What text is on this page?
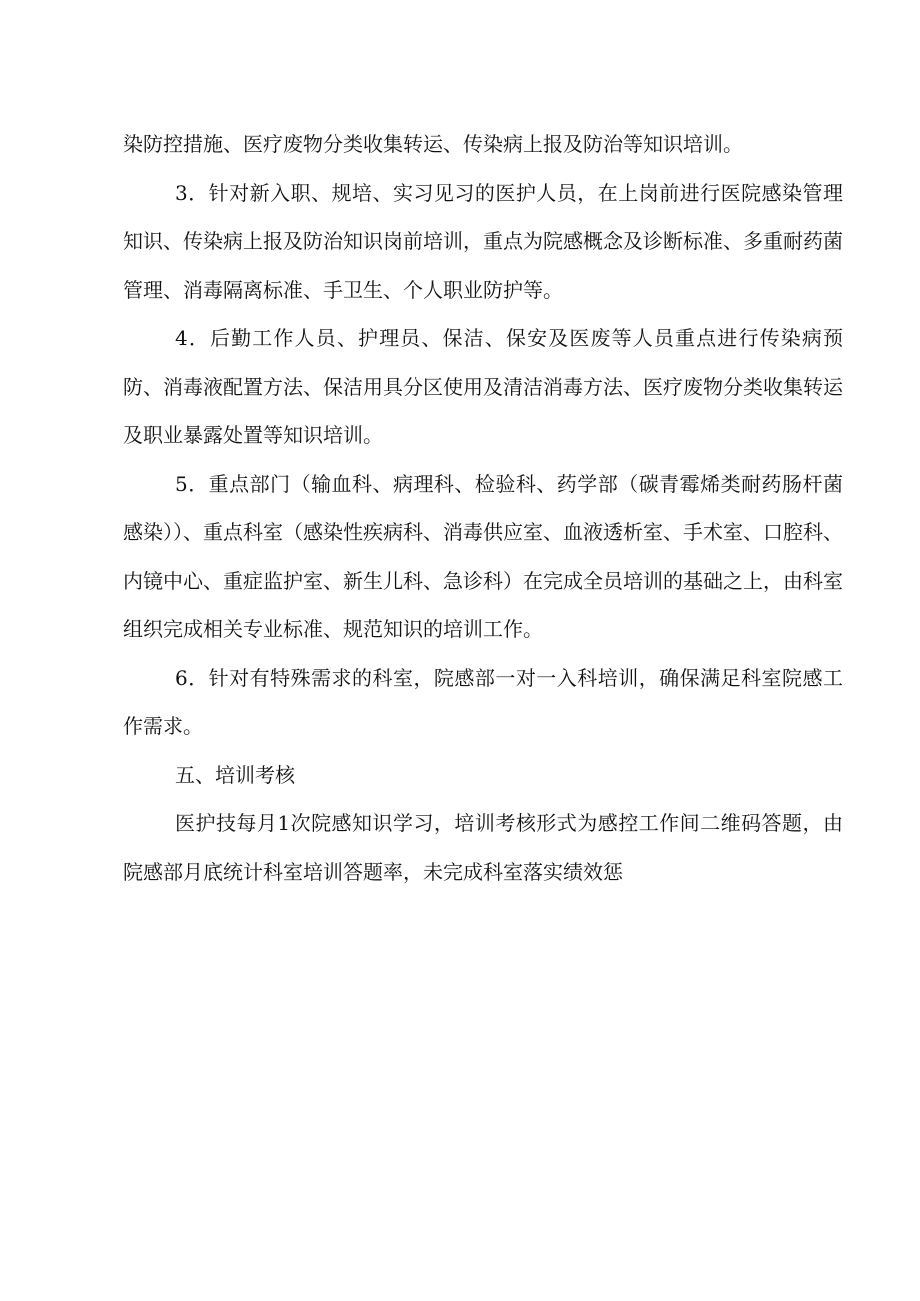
染防控措施、医疗废物分类收集转运、传染病上报及防治等知识培训。

3．针对新入职、规培、实习见习的医护人员，在上岗前进行医院感染管理知识、传染病上报及防治知识岗前培训，重点为院感概念及诊断标准、多重耐药菌管理、消毒隔离标准、手卫生、个人职业防护等。

4．后勤工作人员、护理员、保洁、保安及医废等人员重点进行传染病预防、消毒液配置方法、保洁用具分区使用及清洁消毒方法、医疗废物分类收集转运及职业暴露处置等知识培训。

5．重点部门（输血科、病理科、检验科、药学部（碳青霉烯类耐药肠杆菌感染））、重点科室（感染性疾病科、消毒供应室、血液透析室、手术室、口腔科、内镜中心、重症监护室、新生儿科、急诊科）在完成全员培训的基础之上，由科室组织完成相关专业标准、规范知识的培训工作。

6．针对有特殊需求的科室，院感部一对一入科培训，确保满足科室院感工作需求。

五、培训考核

医护技每月1次院感知识学习，培训考核形式为感控工作间二维码答题，由院感部月底统计科室培训答题率，未完成科室落实绩效惩
